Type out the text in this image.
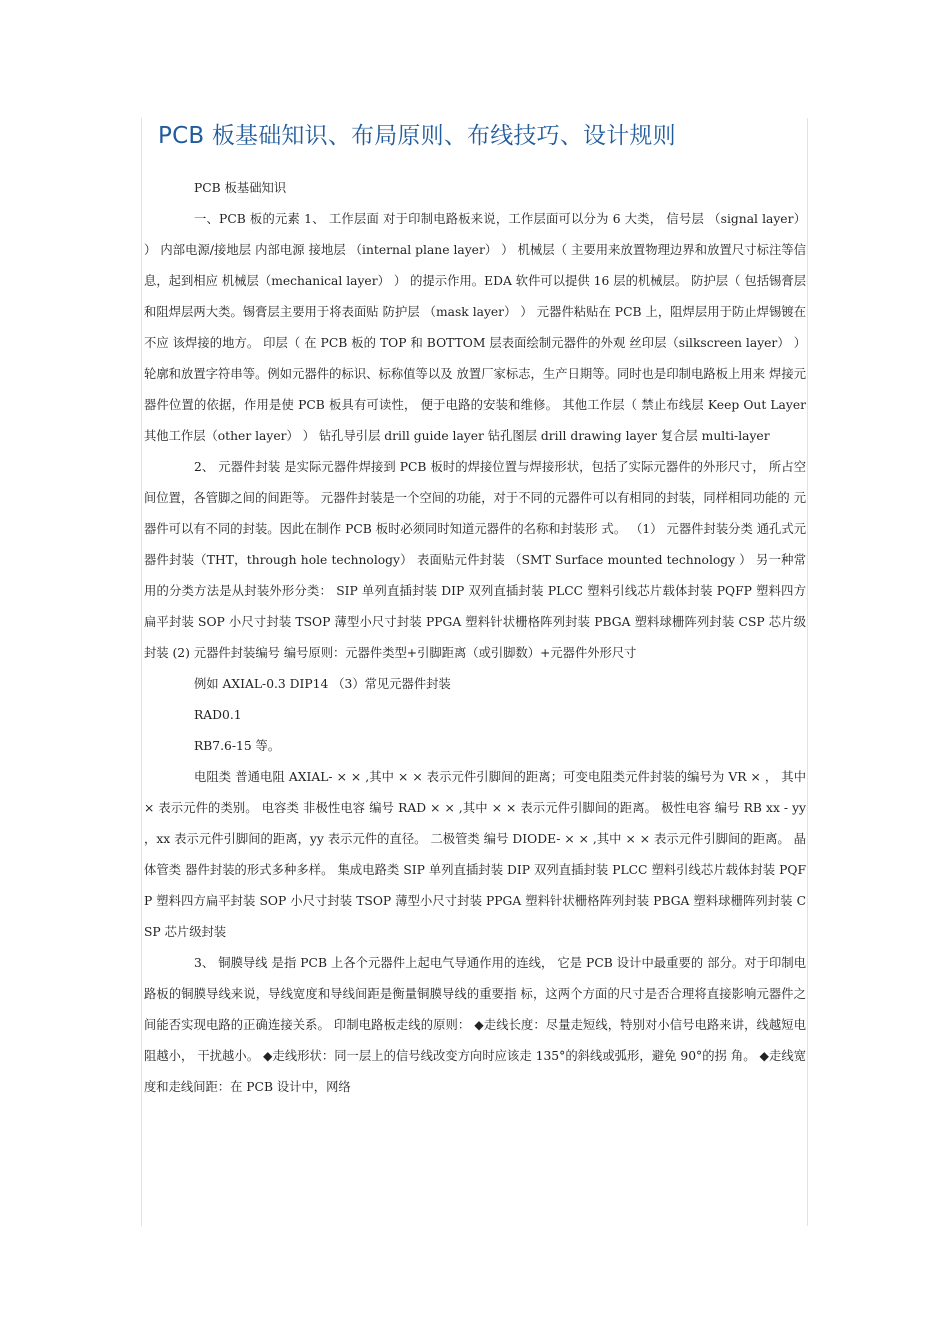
PCB 板基础知识、布局原则、布线技巧、设计规则

PCB 板基础知识

一、PCB 板的元素 1、 工作层面 对于印制电路板来说，工作层面可以分为 6 大类， 信号层 （signal layer） ） 内部电源/接地层 内部电源 接地层 （internal plane layer） ） 机械层（ 主要用来放置物理边界和放置尺寸标注等信息，起到相应 机械层（mechanical layer） ） 的提示作用。EDA 软件可以提供 16 层的机械层。 防护层（ 包括锡膏层和阻焊层两大类。锡膏层主要用于将表面贴 防护层 （mask layer） ） 元器件粘贴在 PCB 上，阻焊层用于防止焊锡镀在不应 该焊接的地方。 印层（ 在 PCB 板的 TOP 和 BOTTOM 层表面绘制元器件的外观 丝印层（silkscreen layer） ） 轮廓和放置字符串等。例如元器件的标识、标称值等以及 放置厂家标志，生产日期等。同时也是印制电路板上用来 焊接元器件位置的依据，作用是使 PCB 板具有可读性， 便于电路的安装和维修。 其他工作层（ 禁止布线层 Keep Out Layer 其他工作层（other layer） ） 钻孔导引层 drill guide layer 钻孔图层 drill drawing layer 复合层 multi-layer

2、 元器件封装 是实际元器件焊接到 PCB 板时的焊接位置与焊接形状，包括了实际元器件的外形尺寸， 所占空间位置，各管脚之间的间距等。 元器件封装是一个空间的功能，对于不同的元器件可以有相同的封装，同样相同功能的 元器件可以有不同的封装。因此在制作 PCB 板时必须同时知道元器件的名称和封装形 式。 （1） 元器件封装分类 通孔式元器件封装（THT，through hole technology） 表面贴元件封装 （SMT Surface mounted technology ） 另一种常用的分类方法是从封装外形分类： SIP 单列直插封装 DIP 双列直插封装 PLCC 塑料引线芯片载体封装 PQFP 塑料四方扁平封装 SOP 小尺寸封装 TSOP 薄型小尺寸封装 PPGA 塑料针状栅格阵列封装 PBGA 塑料球栅阵列封装 CSP 芯片级封装 (2) 元器件封装编号 编号原则：元器件类型+引脚距离（或引脚数）+元器件外形尺寸

例如 AXIAL-0.3 DIP14 （3）常见元器件封装

RAD0.1

RB7.6-15 等。

电阻类 普通电阻 AXIAL- × × ,其中 × × 表示元件引脚间的距离；可变电阻类元件封装的编号为 VR × ， 其中 × 表示元件的类别。 电容类 非极性电容 编号 RAD × × ,其中 × × 表示元件引脚间的距离。 极性电容 编号 RB xx - yy ，xx 表示元件引脚间的距离，yy 表示元件的直径。 二极管类 编号 DIODE- × × ,其中 × × 表示元件引脚间的距离。 晶体管类 器件封装的形式多种多样。 集成电路类 SIP 单列直插封装 DIP 双列直插封装 PLCC 塑料引线芯片载体封装 PQFP 塑料四方扁平封装 SOP 小尺寸封装 TSOP 薄型小尺寸封装 PPGA 塑料针状栅格阵列封装 PBGA 塑料球栅阵列封装 CSP 芯片级封装

3、 铜膜导线 是指 PCB 上各个元器件上起电气导通作用的连线， 它是 PCB 设计中最重要的 部分。对于印制电路板的铜膜导线来说，导线宽度和导线间距是衡量铜膜导线的重要指 标，这两个方面的尺寸是否合理将直接影响元器件之间能否实现电路的正确连接关系。 印制电路板走线的原则： ◆走线长度：尽量走短线，特别对小信号电路来讲，线越短电阻越小， 干扰越小。 ◆走线形状：同一层上的信号线改变方向时应该走 135°的斜线或弧形，避免 90°的拐 角。 ◆走线宽度和走线间距：在 PCB 设计中，网络
